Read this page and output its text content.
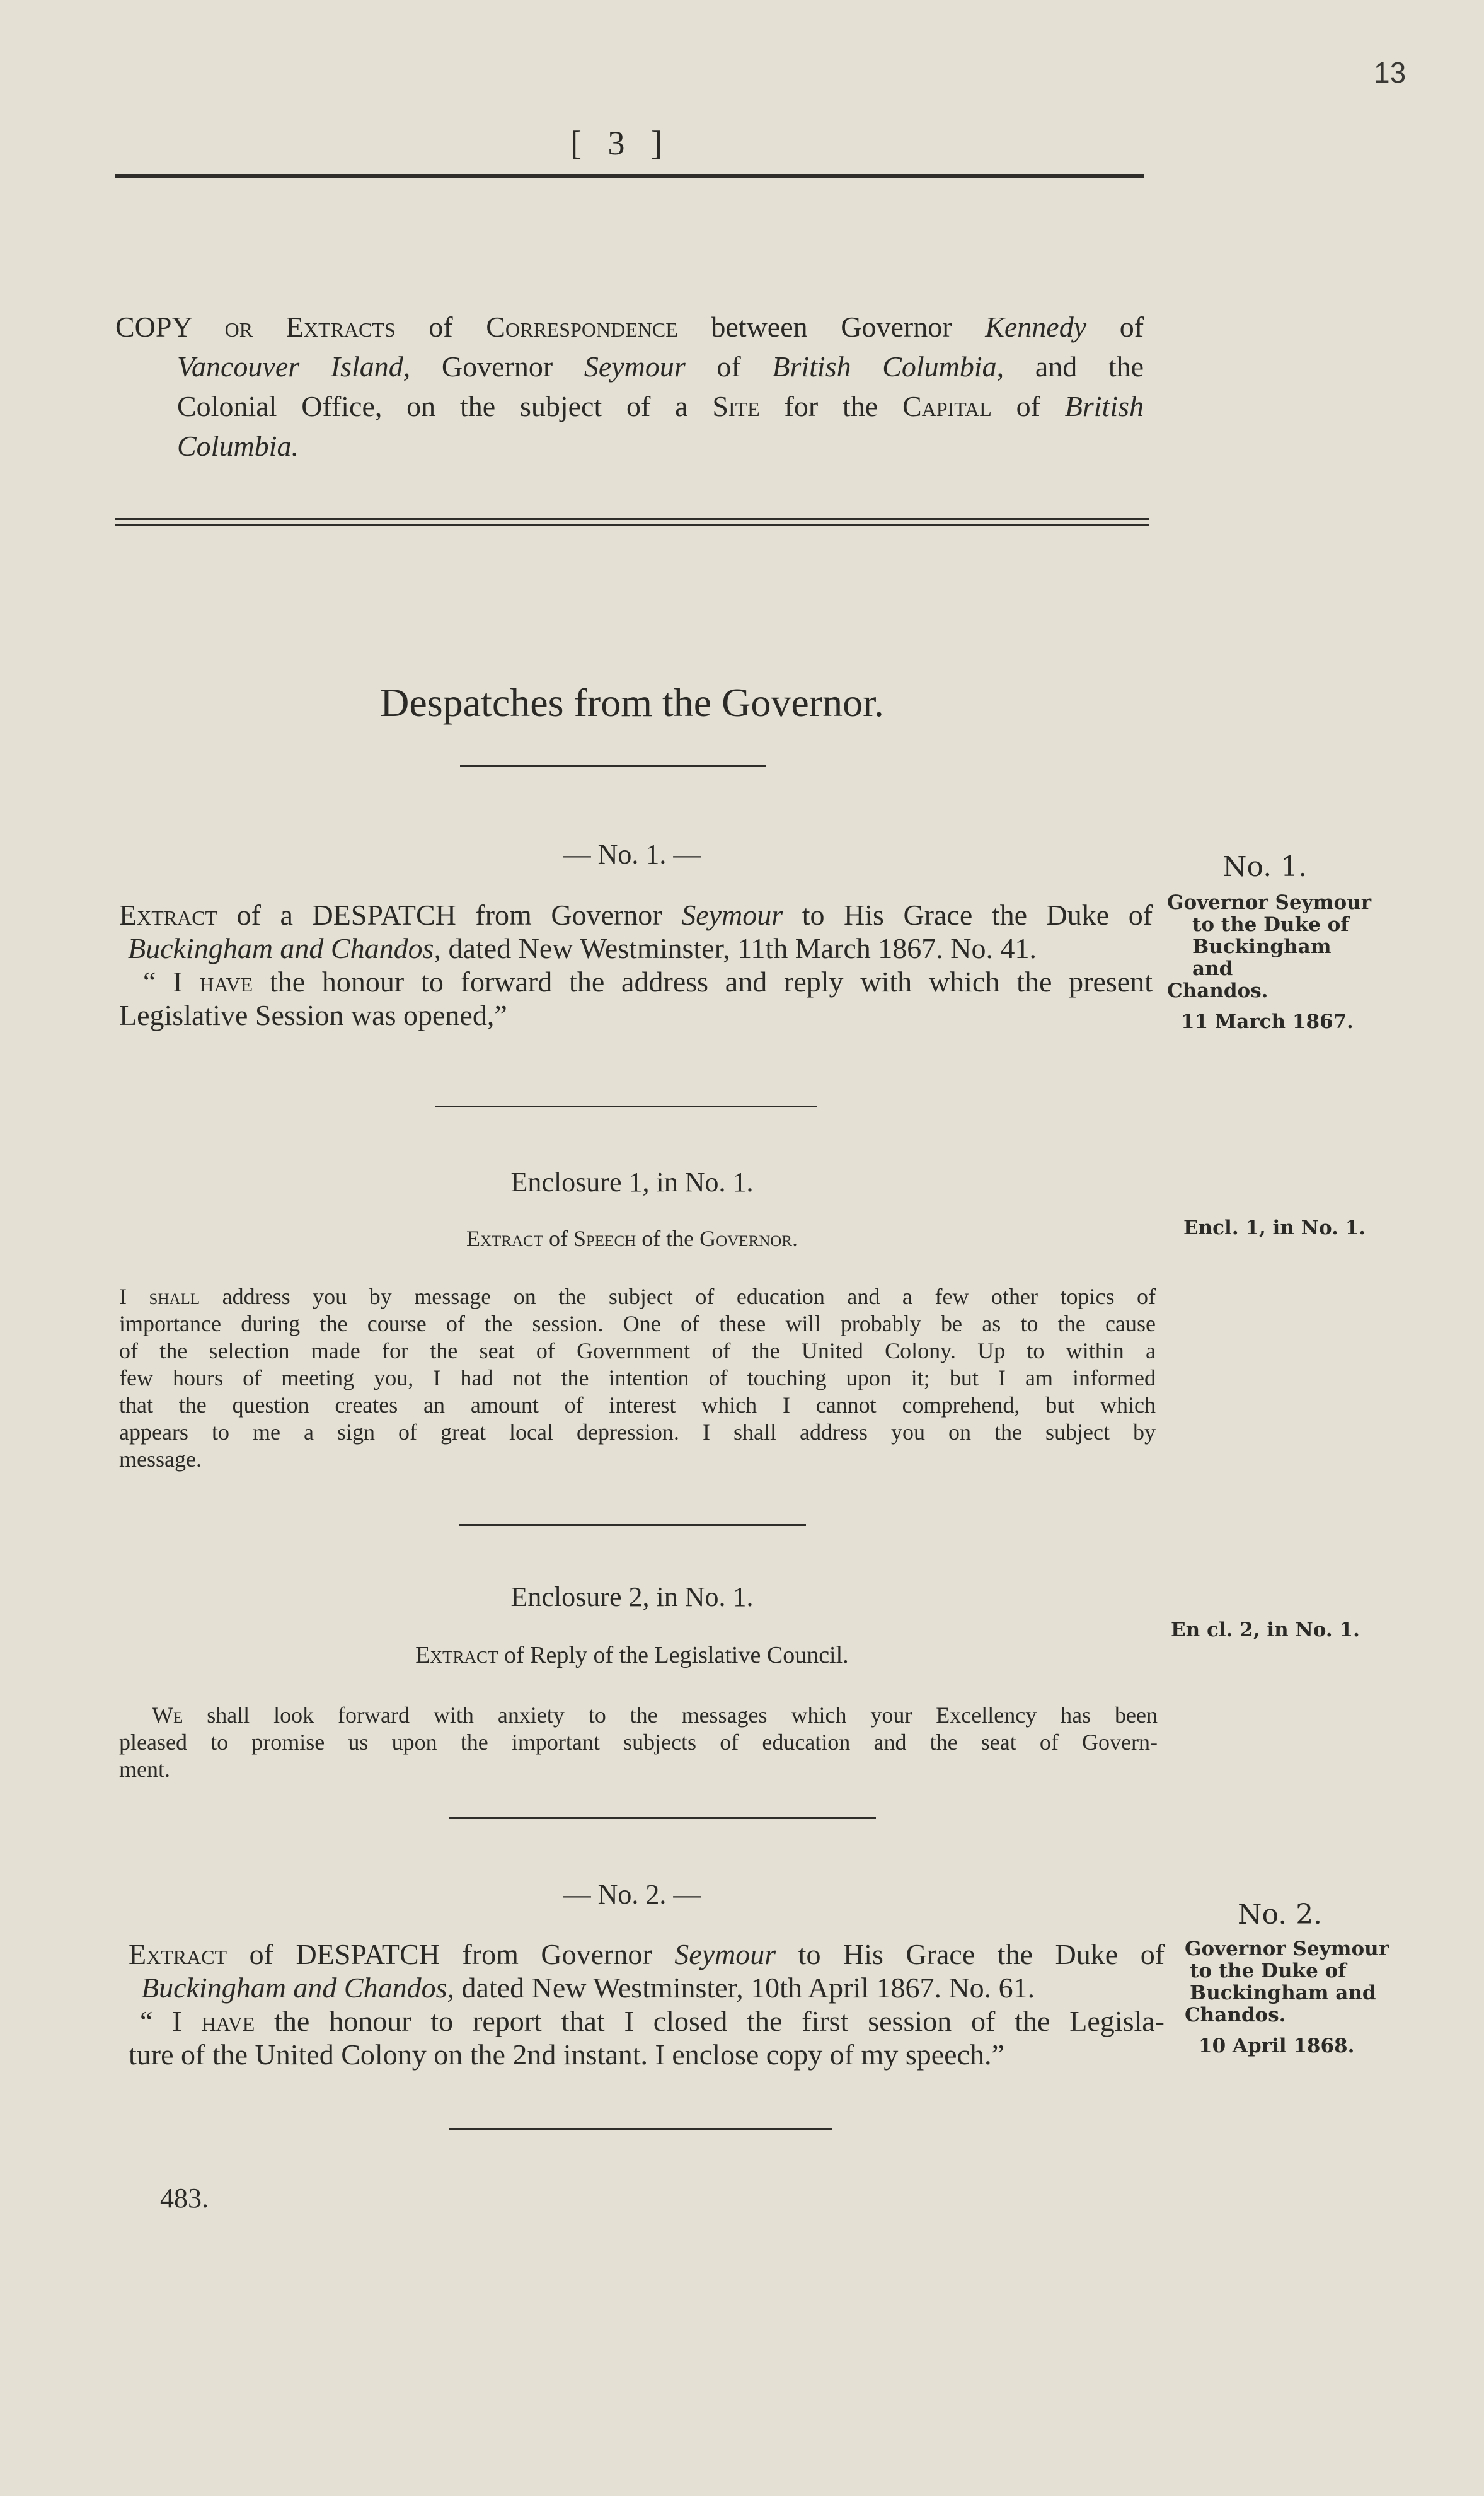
13
[ 3 ]
COPY or Extracts of Correspondence between Governor Kennedy of
Vancouver Island, Governor Seymour of British Columbia, and the
Colonial Office, on the subject of a Site for the Capital of British
Columbia.
Despatches from the Governor.
— No. 1. —
Extract of a DESPATCH from Governor Seymour to His Grace the Duke of
Buckingham and Chandos, dated New Westminster, 11th March 1867. No. 41.
“ I have the honour to forward the address and reply with which the present
Legislative Session was opened,”
No. 1.
Governor Seymour
to the Duke of
Buckingham and
Chandos.
11 March 1867.
Enclosure 1, in No. 1.
Extract of Speech of the Governor.	Encl. 1, in No. 1.
I shall address you by message on the subject of education and a few other topics of
importance during the course of the session. One of these will probably be as to the cause
of the selection made for the seat of Government of the United Colony. Up to within a
few hours of meeting you, I had not the intention of touching upon it; but I am informed
that the question creates an amount of interest which I cannot comprehend, but which
appears to me a sign of great local depression. I shall address you on the subject by
message.
Enclosure 2, in No. 1.
Extract of Reply of the Legislative Council.
En cl. 2, in No. 1.
We shall look forward with anxiety to the messages which your Excellency has been
pleased to promise us upon the important subjects of education and the seat of Govern-
ment.
— No. 2. —
Extract of DESPATCH from Governor Seymour to His Grace the Duke of
Buckingham and Chandos, dated New Westminster, 10th April 1867. No. 61.
“ I have the honour to report that I closed the first session of the Legisla-
ture of the United Colony on the 2nd instant. I enclose copy of my speech.”
No. 2.
Governor Seymour
to the Duke of
Buckingham and
Chandos.
10 April 1868.
483.
